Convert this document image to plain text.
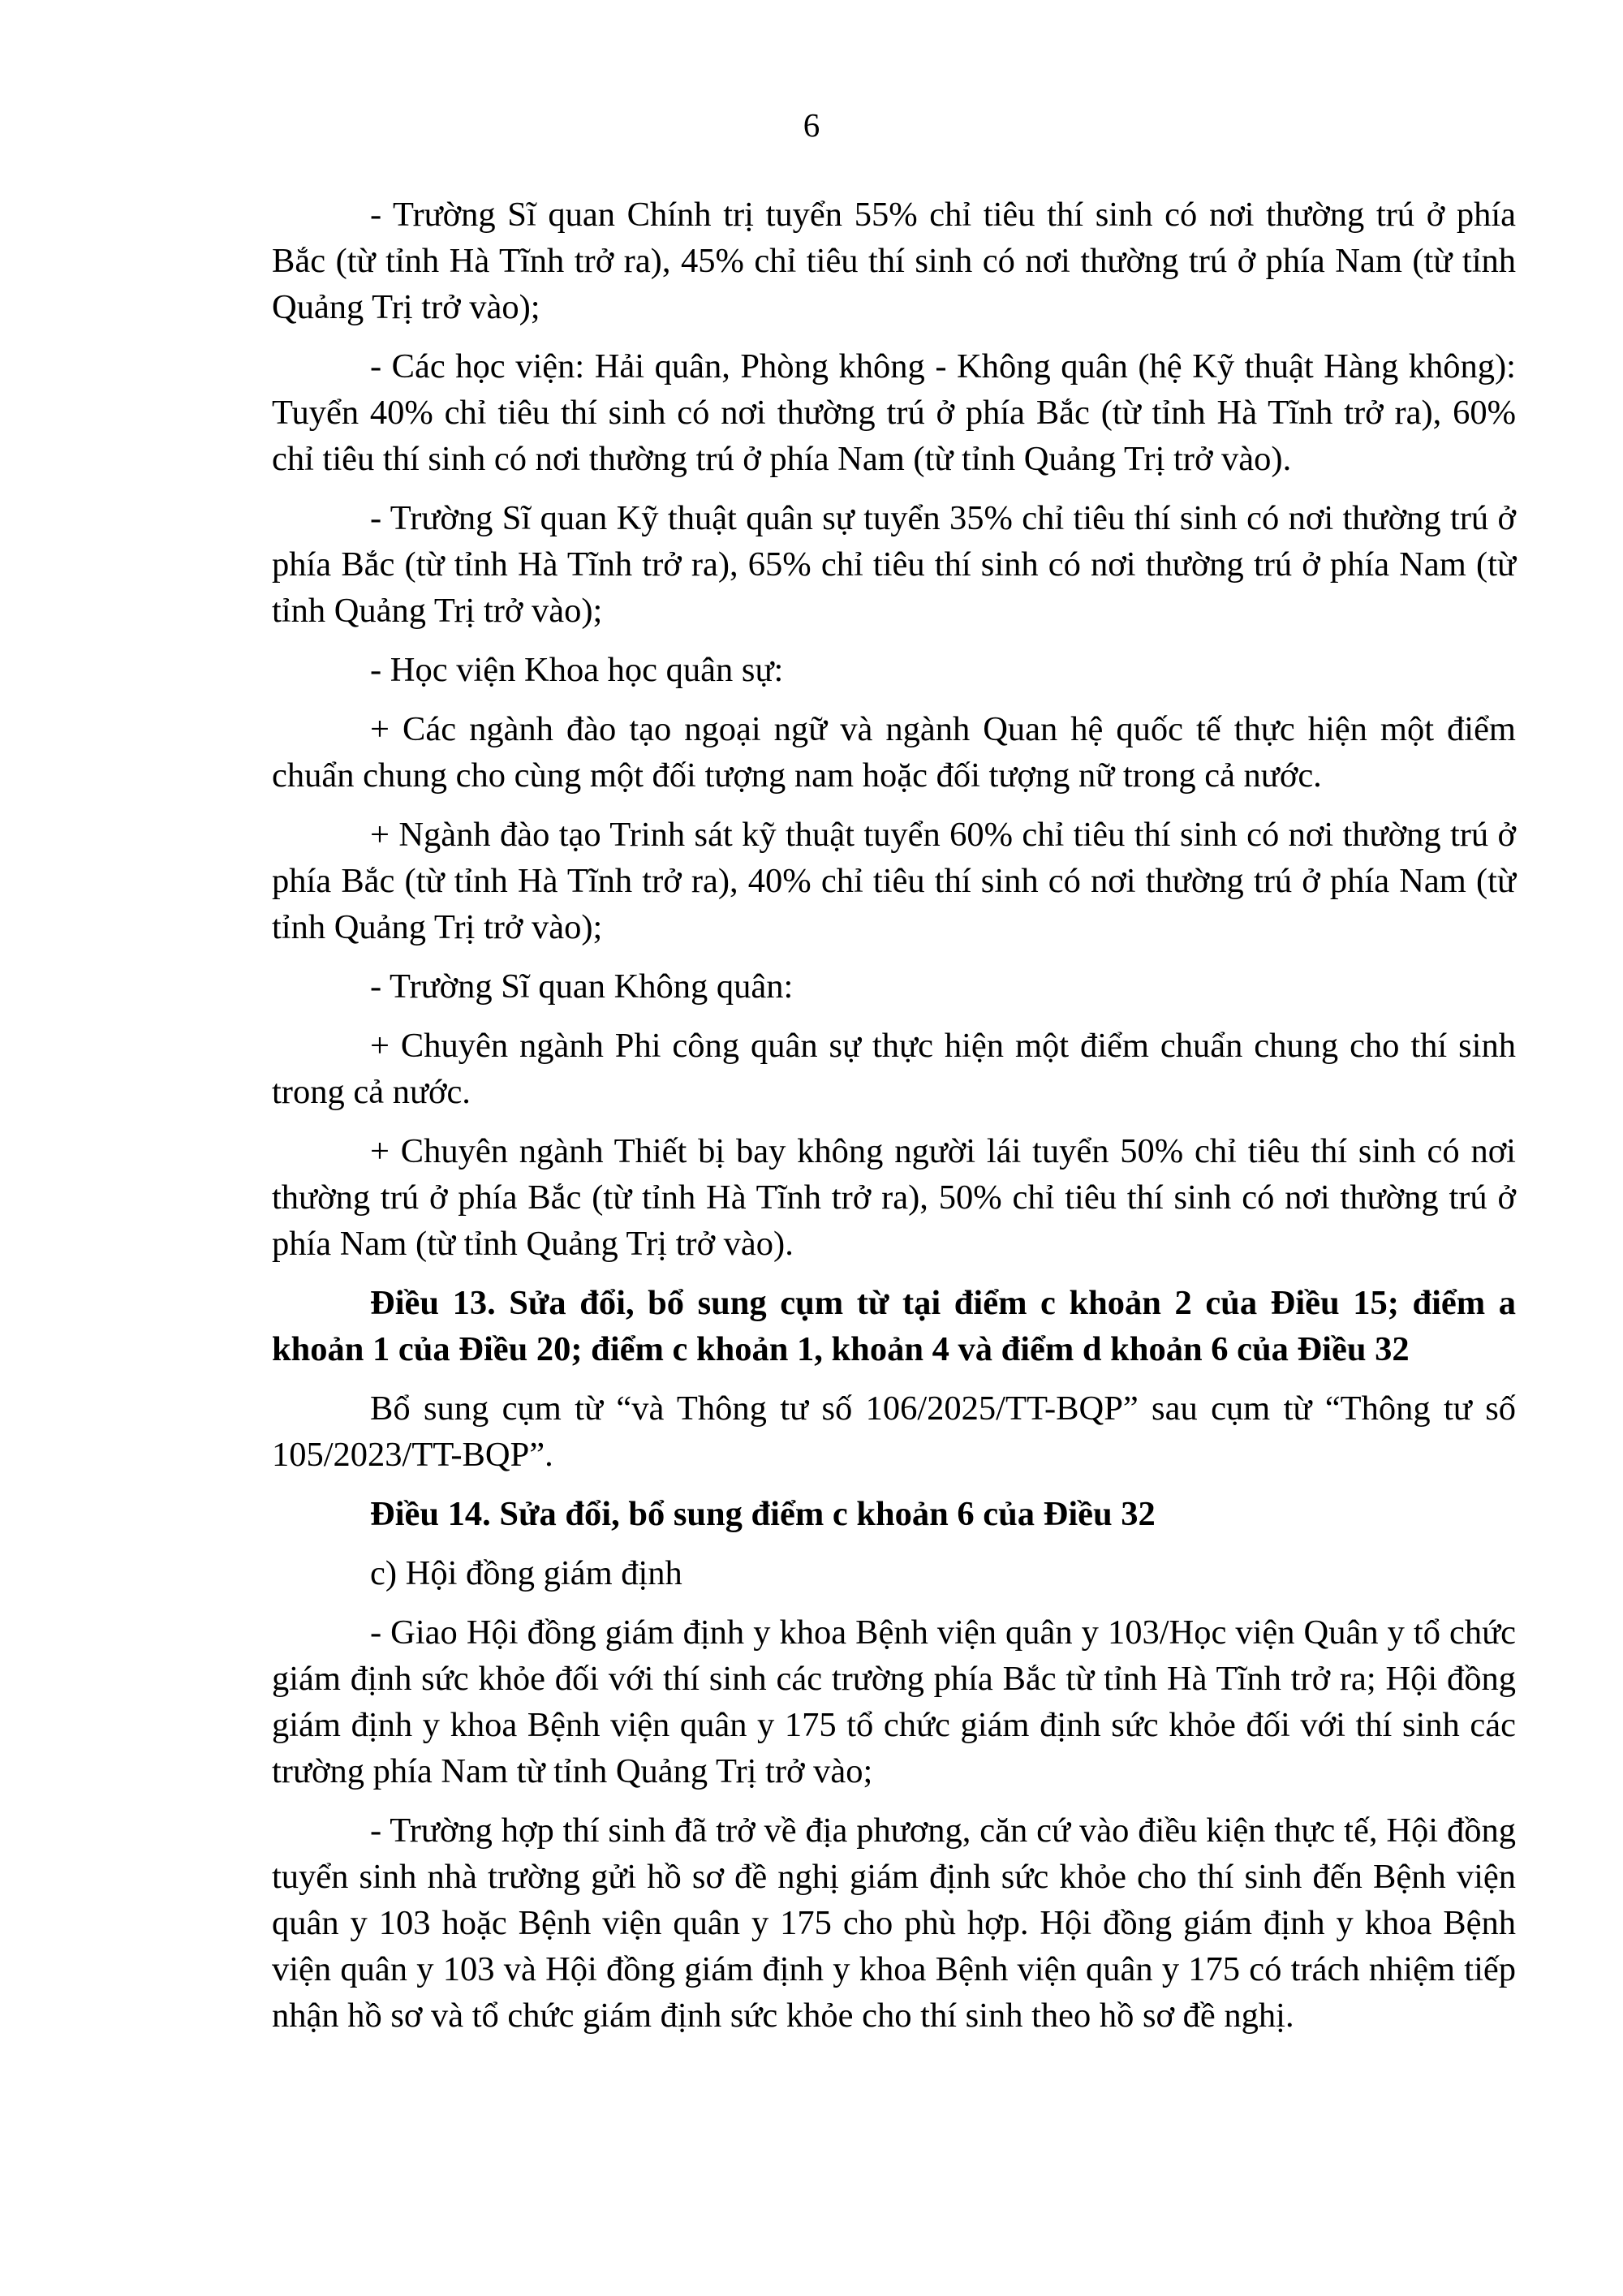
6

- Trường Sĩ quan Chính trị tuyển 55% chỉ tiêu thí sinh có nơi thường trú ở phía Bắc (từ tỉnh Hà Tĩnh trở ra), 45% chỉ tiêu thí sinh có nơi thường trú ở phía Nam (từ tỉnh Quảng Trị trở vào);

- Các học viện: Hải quân, Phòng không - Không quân (hệ Kỹ thuật Hàng không): Tuyển 40% chỉ tiêu thí sinh có nơi thường trú ở phía Bắc (từ tỉnh Hà Tĩnh trở ra), 60% chỉ tiêu thí sinh có nơi thường trú ở phía Nam (từ tỉnh Quảng Trị trở vào).

- Trường Sĩ quan Kỹ thuật quân sự tuyển 35% chỉ tiêu thí sinh có nơi thường trú ở phía Bắc (từ tỉnh Hà Tĩnh trở ra), 65% chỉ tiêu thí sinh có nơi thường trú ở phía Nam (từ tỉnh Quảng Trị trở vào);

- Học viện Khoa học quân sự:

+ Các ngành đào tạo ngoại ngữ và ngành Quan hệ quốc tế thực hiện một điểm chuẩn chung cho cùng một đối tượng nam hoặc đối tượng nữ trong cả nước.

+ Ngành đào tạo Trinh sát kỹ thuật tuyển 60% chỉ tiêu thí sinh có nơi thường trú ở phía Bắc (từ tỉnh Hà Tĩnh trở ra), 40% chỉ tiêu thí sinh có nơi thường trú ở phía Nam (từ tỉnh Quảng Trị trở vào);

- Trường Sĩ quan Không quân:

+ Chuyên ngành Phi công quân sự thực hiện một điểm chuẩn chung cho thí sinh trong cả nước.

+ Chuyên ngành Thiết bị bay không người lái tuyển 50% chỉ tiêu thí sinh có nơi thường trú ở phía Bắc (từ tỉnh Hà Tĩnh trở ra), 50% chỉ tiêu thí sinh có nơi thường trú ở phía Nam (từ tỉnh Quảng Trị trở vào).

Điều 13. Sửa đổi, bổ sung cụm từ tại điểm c khoản 2 của Điều 15; điểm a khoản 1 của Điều 20; điểm c khoản 1, khoản 4 và điểm d khoản 6 của Điều 32

Bổ sung cụm từ “và Thông tư số 106/2025/TT-BQP” sau cụm từ “Thông tư số 105/2023/TT-BQP”.

Điều 14. Sửa đổi, bổ sung điểm c khoản 6 của Điều 32

c) Hội đồng giám định

- Giao Hội đồng giám định y khoa Bệnh viện quân y 103/Học viện Quân y tổ chức giám định sức khỏe đối với thí sinh các trường phía Bắc từ tỉnh Hà Tĩnh trở ra; Hội đồng giám định y khoa Bệnh viện quân y 175 tổ chức giám định sức khỏe đối với thí sinh các trường phía Nam từ tỉnh Quảng Trị trở vào;

- Trường hợp thí sinh đã trở về địa phương, căn cứ vào điều kiện thực tế, Hội đồng tuyển sinh nhà trường gửi hồ sơ đề nghị giám định sức khỏe cho thí sinh đến Bệnh viện quân y 103 hoặc Bệnh viện quân y 175 cho phù hợp. Hội đồng giám định y khoa Bệnh viện quân y 103 và Hội đồng giám định y khoa Bệnh viện quân y 175 có trách nhiệm tiếp nhận hồ sơ và tổ chức giám định sức khỏe cho thí sinh theo hồ sơ đề nghị.
